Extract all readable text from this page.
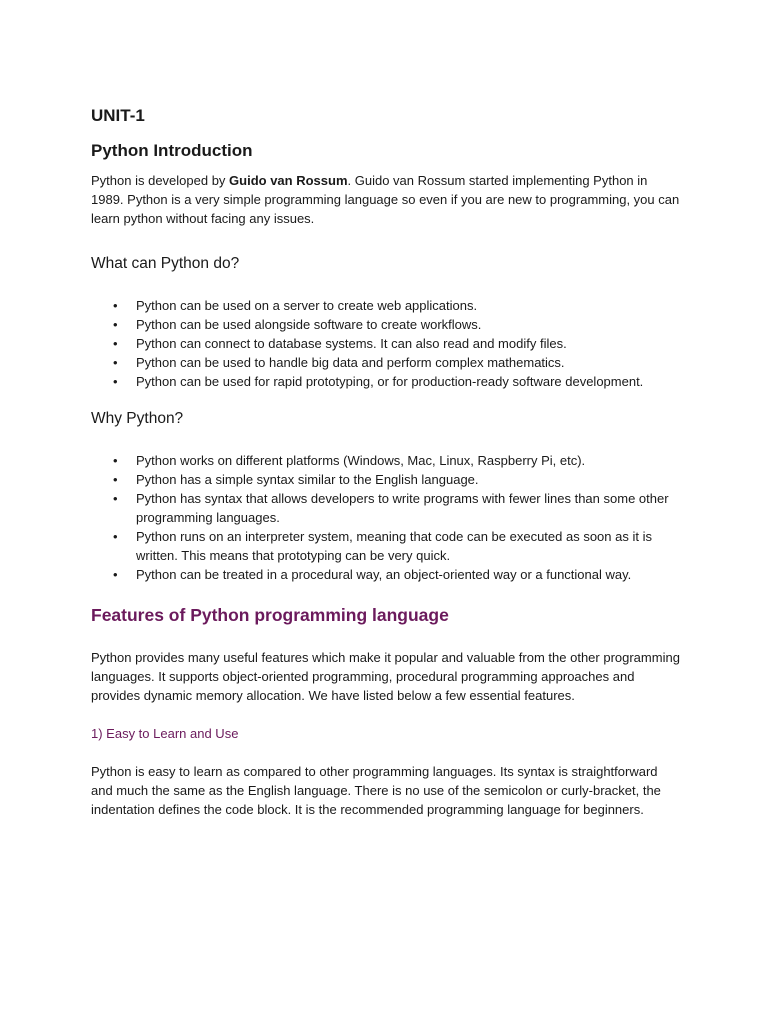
UNIT-1
Python Introduction

Python is developed by Guido van Rossum. Guido van Rossum started implementing Python in 1989. Python is a very simple programming language so even if you are new to programming, you can learn python without facing any issues.

What can Python do?
• Python can be used on a server to create web applications.
• Python can be used alongside software to create workflows.
• Python can connect to database systems. It can also read and modify files.
• Python can be used to handle big data and perform complex mathematics.
• Python can be used for rapid prototyping, or for production-ready software development.
Why Python?
• Python works on different platforms (Windows, Mac, Linux, Raspberry Pi, etc).
• Python has a simple syntax similar to the English language.
• Python has syntax that allows developers to write programs with fewer lines than some other programming languages.
• Python runs on an interpreter system, meaning that code can be executed as soon as it is written. This means that prototyping can be very quick.
• Python can be treated in a procedural way, an object-oriented way or a functional way.
Features of Python programming language

Python provides many useful features which make it popular and valuable from the other programming languages. It supports object-oriented programming, procedural programming approaches and provides dynamic memory allocation. We have listed below a few essential features.

1) Easy to Learn and Use

Python is easy to learn as compared to other programming languages. Its syntax is straightforward and much the same as the English language. There is no use of the semicolon or curly-bracket, the indentation defines the code block. It is the recommended programming language for beginners.
